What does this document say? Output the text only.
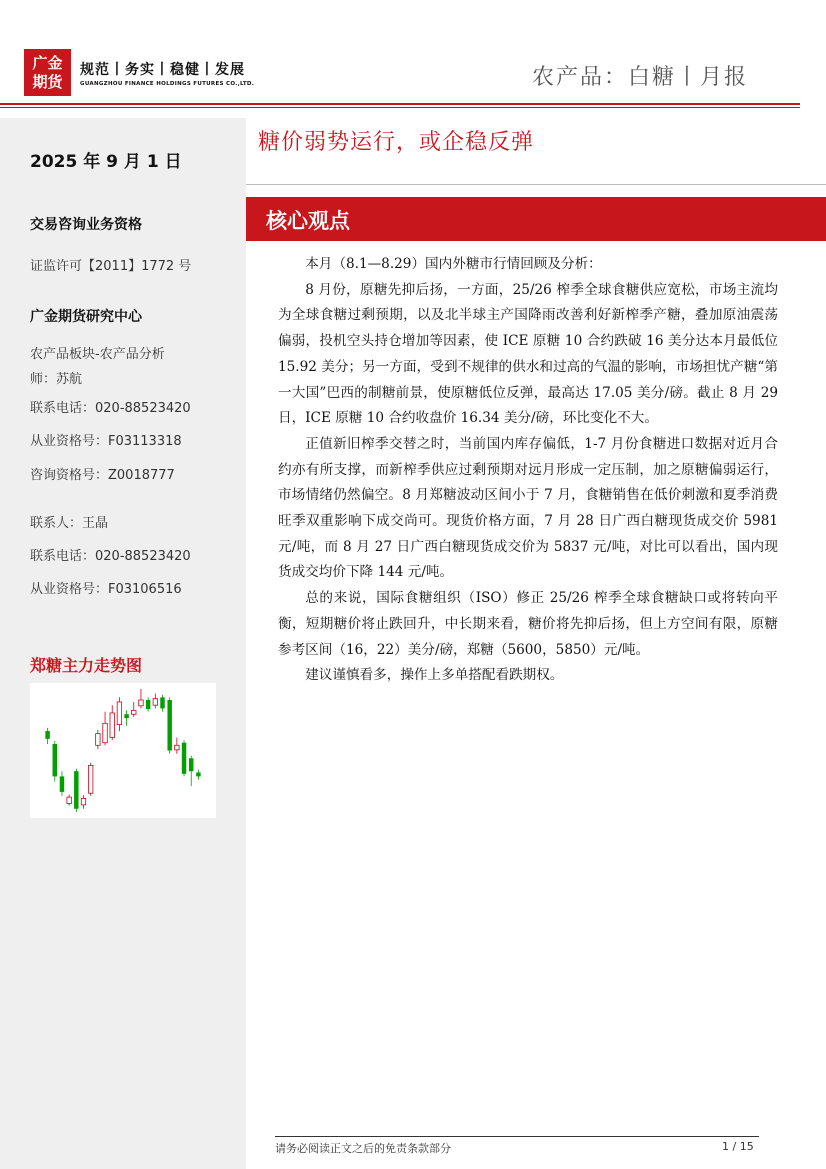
广金
期货
规范丨务实丨稳健丨发展
GUANGZHOU FINANCE HOLDINGS FUTURES CO.,LTD.	农产品：白糖丨月报
2025 年 9 月 1 日
交易咨询业务资格
证监许可【2011】1772 号
广金期货研究中心
农产品板块-农产品分析
师：苏航
联系电话：020-88523420
从业资格号：F03113318
咨询资格号：Z0018777
联系人：王晶
联系电话：020-88523420
从业资格号：F03106516
郑糖主力走势图
糖价弱势运行，或企稳反弹
核心观点

本月（8.1—8.29）国内外糖市行情回顾及分析：

8 月份，原糖先抑后扬，一方面，25/26 榨季全球食糖供应宽松，市场主流均为全球食糖过剩预期，以及北半球主产国降雨改善利好新榨季产糖，叠加原油震荡偏弱，投机空头持仓增加等因素，使 ICE 原糖 10 合约跌破 16 美分达本月最低位 15.92 美分；另一方面，受到不规律的供水和过高的气温的影响，市场担忧产糖“第一大国”巴西的制糖前景，使原糖低位反弹，最高达 17.05 美分/磅。截止 8 月 29 日，ICE 原糖 10 合约收盘价 16.34 美分/磅，环比变化不大。

正值新旧榨季交替之时，当前国内库存偏低，1-7 月份食糖进口数据对近月合约亦有所支撑，而新榨季供应过剩预期对远月形成一定压制，加之原糖偏弱运行，市场情绪仍然偏空。8 月郑糖波动区间小于 7 月，食糖销售在低价刺激和夏季消费旺季双重影响下成交尚可。现货价格方面，7 月 28 日广西白糖现货成交价 5981 元/吨，而 8 月 27 日广西白糖现货成交价为 5837 元/吨，对比可以看出，国内现货成交均价下降 144 元/吨。

总的来说，国际食糖组织（ISO）修正 25/26 榨季全球食糖缺口或将转向平衡，短期糖价将止跌回升，中长期来看，糖价将先抑后扬，但上方空间有限，原糖参考区间（16，22）美分/磅，郑糖（5600，5850）元/吨。

建议谨慎看多，操作上多单搭配看跌期权。

请务必阅读正文之后的免责条款部分	1 / 15
